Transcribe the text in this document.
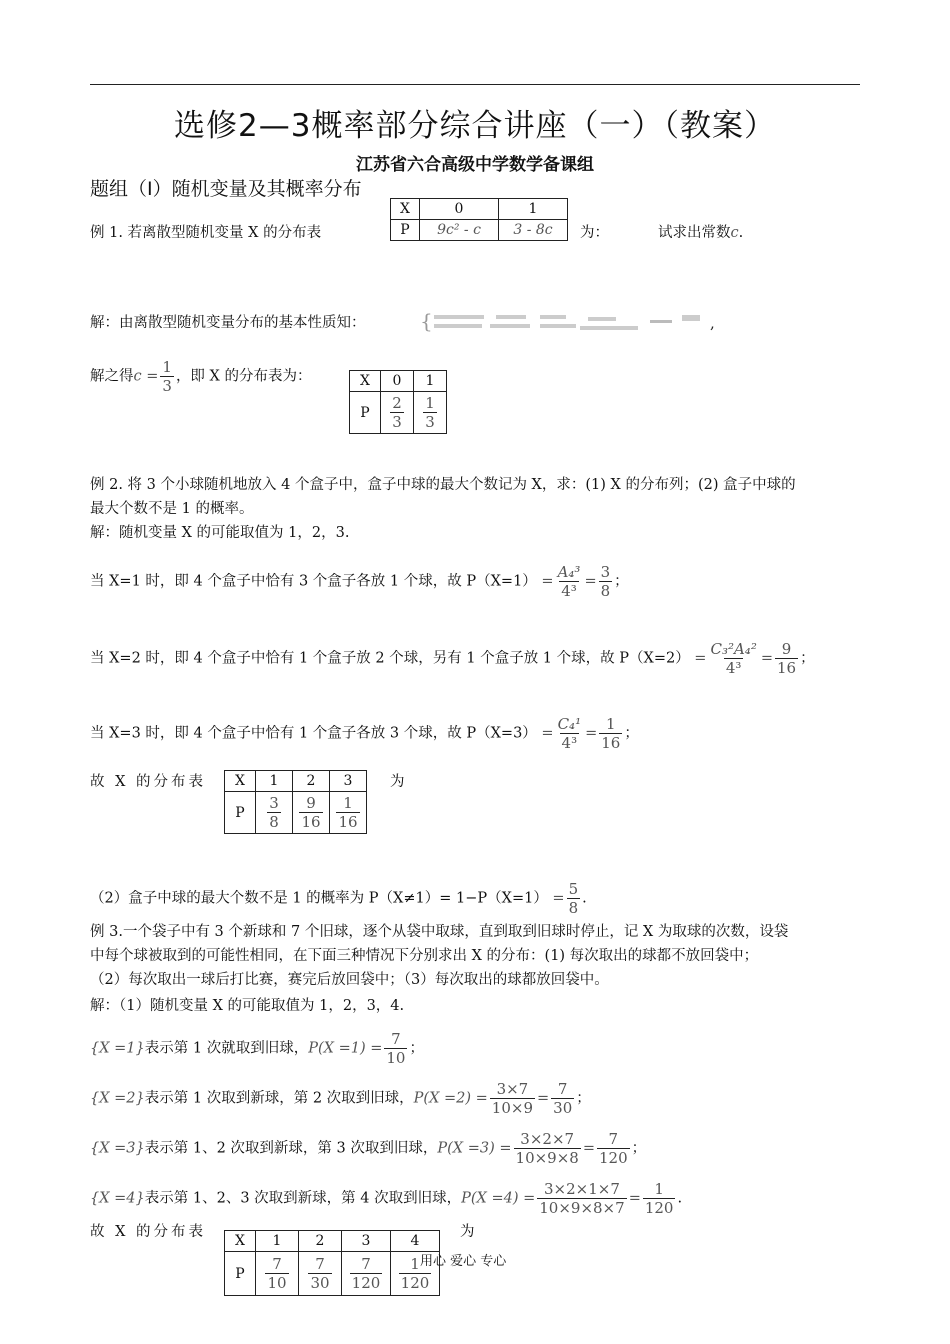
选修2—3概率部分综合讲座（一）（教案）
江苏省六合高级中学数学备课组
题组（Ⅰ）随机变量及其概率分布
例 1. 若离散型随机变量 X 的分布表
X	0	1
P	9c² - c	3 - 8c 为：	试求出常数c.
解：由离散型随机变量分布的基本性质知：	{	,
解之得$c = \frac{1}{3}$ ，即 X 的分布表为：	X	0	1
P	$\frac{2}{3}$	$\frac{1}{3}$
例 2. 将 3 个小球随机地放入 4 个盒子中，盒子中球的最大个数记为 X，求：(1) X 的分布列；(2) 盒子中球的
最大个数不是 1 的概率。
解：随机变量 X 的可能取值为 1，2，3.
当 X=1 时，即 4 个盒子中恰有 3 个盒子各放 1 个球，故 $P(X=1) = \frac{\text{A₄³}}{\text{4³}} = \frac{3}{8}$ ；
当 X=2 时，即 4 个盒子中恰有 1 个盒子放 2 个球，另有 1 个盒子放 1 个球，故 $P(X=2) = \frac{\text{C₃²A₄²}}{\text{4³}} = \frac{9}{16}$ ；
当 X=3 时，即 4 个盒子中恰有 1 个盒子各放 3 个球，故 $P(X=3) = \frac{\text{C₄¹}}{\text{4³}} = \frac{1}{16}$ ；
故 X 的分布表 X	1	2	3
P	$\frac{3}{8}$	$\frac{9}{16}$	$\frac{1}{16}$
为
（2）盒子中球的最大个数不是 1 的概率为 $P(X\ne 1)= 1-P(X=1) = \frac{5}{8}$ .
例 3.一个袋子中有 3 个新球和 7 个旧球，逐个从袋中取球，直到取到旧球时停止，记 X 为取球的次数，设袋
中每个球被取到的可能性相同，在下面三种情况下分别求出 X 的分布：(1) 每次取出的球都不放回袋中；
（2）每次取出一球后打比赛，赛完后放回袋中；（3）每次取出的球都放回袋中。
解：（1）随机变量 X 的可能取值为 1，2，3，4.
{X =1}表示第 1 次就取到旧球，$P(X =1) = \frac{7}{10}$ ；
{X =2}表示第 1 次取到新球，第 2 次取到旧球，$P(X =2) = \frac{3\times 7}{10\times 9} = \frac{7}{30}$ ；
{X =3}表示第 1、2 次取到新球，第 3 次取到旧球，$P(X =3) = \frac{3\times 2\times 7}{10\times 9\times 8} = \frac{7}{120}$ ；
{X =4}表示第 1、2、3 次取到新球，第 4 次取到旧球，$P(X =4) = \frac{3\times 2\times 1\times 7}{10\times 9\times 8\times 7} = \frac{1}{120}$ .
故 X 的分布表
X	1	2	3	4
P	$\frac{7}{10}$	$\frac{7}{30}$	$\frac{7}{120}$	$\frac{1}{120}$
为
用心 爱心 专心
